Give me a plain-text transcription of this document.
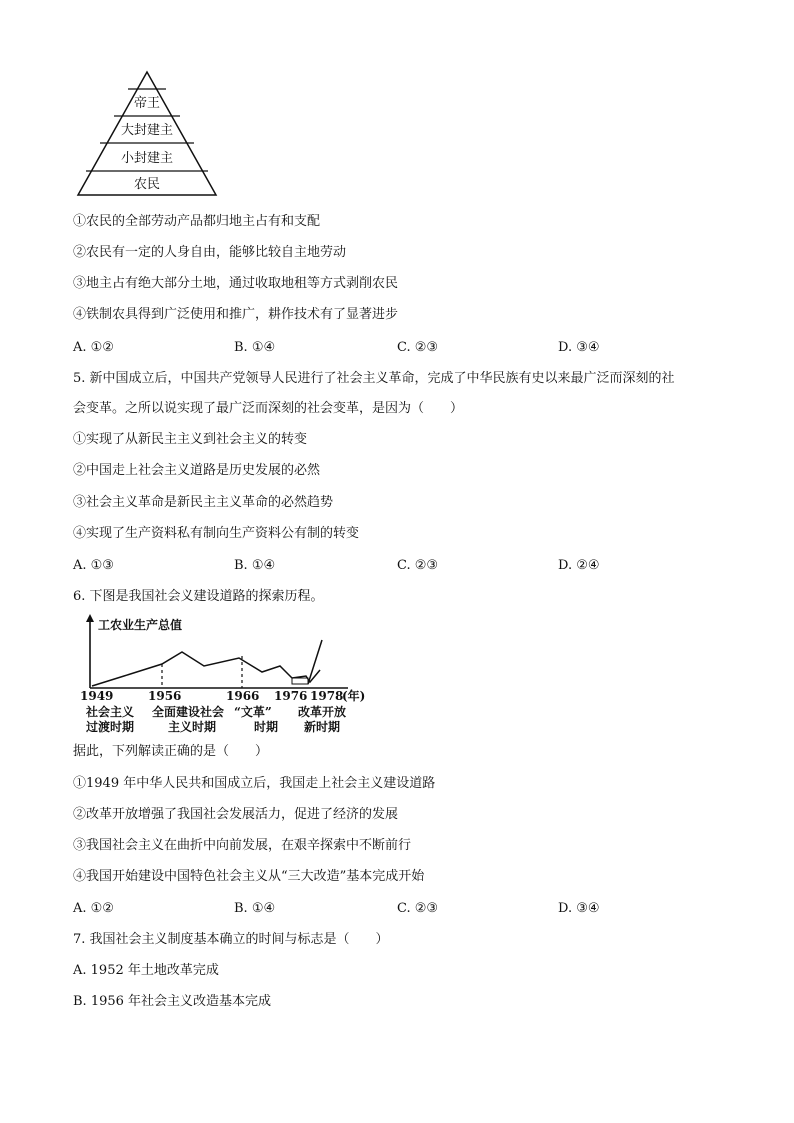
帝王
大封建主
小封建主
农民
①农民的全部劳动产品都归地主占有和支配
②农民有一定的人身自由，能够比较自主地劳动
③地主占有绝大部分土地，通过收取地租等方式剥削农民
④铁制农具得到广泛使用和推广，耕作技术有了显著进步
A. ①②	B. ①④	C. ②③	D. ③④
5. 新中国成立后，中国共产党领导人民进行了社会主义革命，完成了中华民族有史以来最广泛而深刻的社
会变革。之所以说实现了最广泛而深刻的社会变革，是因为（　　）
①实现了从新民主主义到社会主义的转变
②中国走上社会主义道路是历史发展的必然
③社会主义革命是新民主主义革命的必然趋势
④实现了生产资料私有制向生产资料公有制的转变
A. ①③	B. ①④	C. ②③	D. ②④
6. 下图是我国社会义建设道路的探索历程。
工农业生产总值
1949	1956	1966 1976 1978
(年)
社会主义 全面建设社会 “文革” 改革开放
过渡时期	主义时期	时期 新时期
据此，下列解读正确的是（　　）
①1949 年中华人民共和国成立后，我国走上社会主义建设道路
②改革开放增强了我国社会发展活力，促进了经济的发展
③我国社会主义在曲折中向前发展，在艰辛探索中不断前行
④我国开始建设中国特色社会主义从“三大改造”基本完成开始
A. ①②	B. ①④	C. ②③	D. ③④
7. 我国社会主义制度基本确立的时间与标志是（　　）
A. 1952 年土地改革完成
B. 1956 年社会主义改造基本完成
